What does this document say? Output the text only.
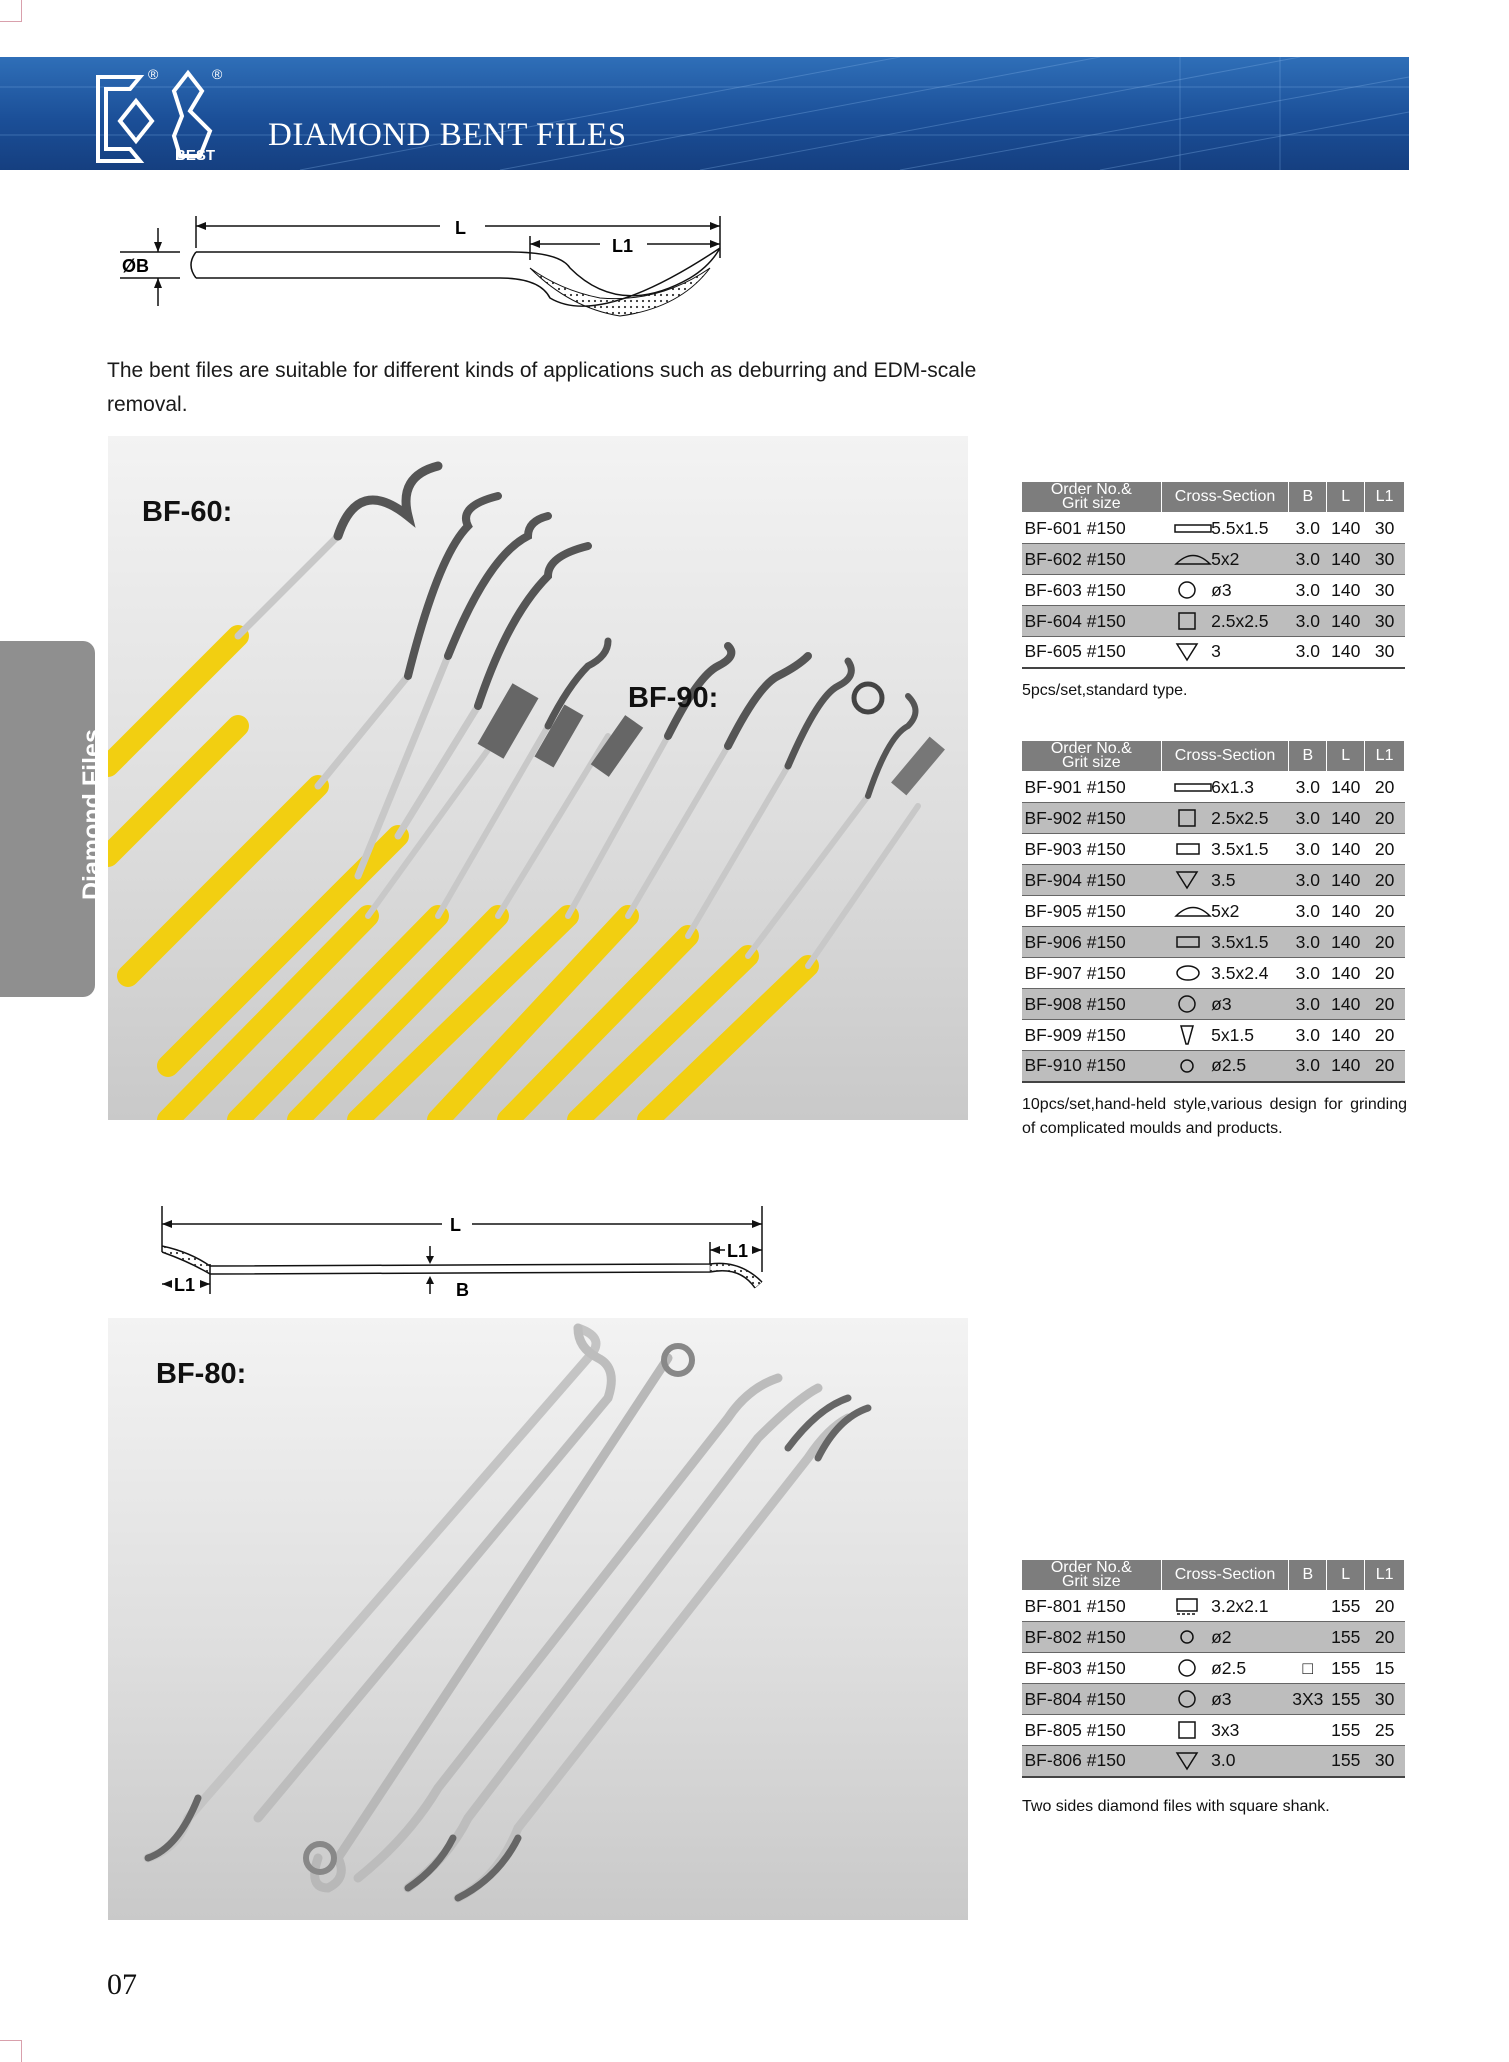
®	®
BEST
DIAMOND BENT FILES
Diamond Files
L
L1
ØB

The bent files are suitable for different kinds of applications such as deburring and EDM-scale removal.

BF-60:
BF-90:
L
L1
L1
B
BF-80:
Order No.&
Grit size	Cross-Section	B	L	L1
BF-601 #150	5.5x1.5	3.0	140	30
BF-602 #150	5x2	3.0	140	30
BF-603 #150	ø3	3.0	140	30
BF-604 #150	2.5x2.5	3.0	140	30
BF-605 #150	3	3.0	140	30

5pcs/set,standard type.

Order No.&
Grit size	Cross-Section	B	L	L1
BF-901 #150	6x1.3	3.0	140	20
BF-902 #150	2.5x2.5	3.0	140	20
BF-903 #150	3.5x1.5	3.0	140	20
BF-904 #150	3.5	3.0	140	20
BF-905 #150	5x2	3.0	140	20
BF-906 #150	3.5x1.5	3.0	140	20
BF-907 #150	3.5x2.4	3.0	140	20
BF-908 #150	ø3	3.0	140	20
BF-909 #150	5x1.5	3.0	140	20
BF-910 #150	ø2.5	3.0	140	20

10pcs/set,hand-held style,various design for grinding of complicated moulds and products.

Order No.&
Grit size	Cross-Section	B	L	L1
BF-801 #150	3.2x2.1		155	20
BF-802 #150	ø2		155	20
BF-803 #150	ø2.5	□	155	15
BF-804 #150	ø3	3X3	155	30
BF-805 #150	3x3		155	25
BF-806 #150	3.0		155	30

Two sides diamond files with square shank.

07
